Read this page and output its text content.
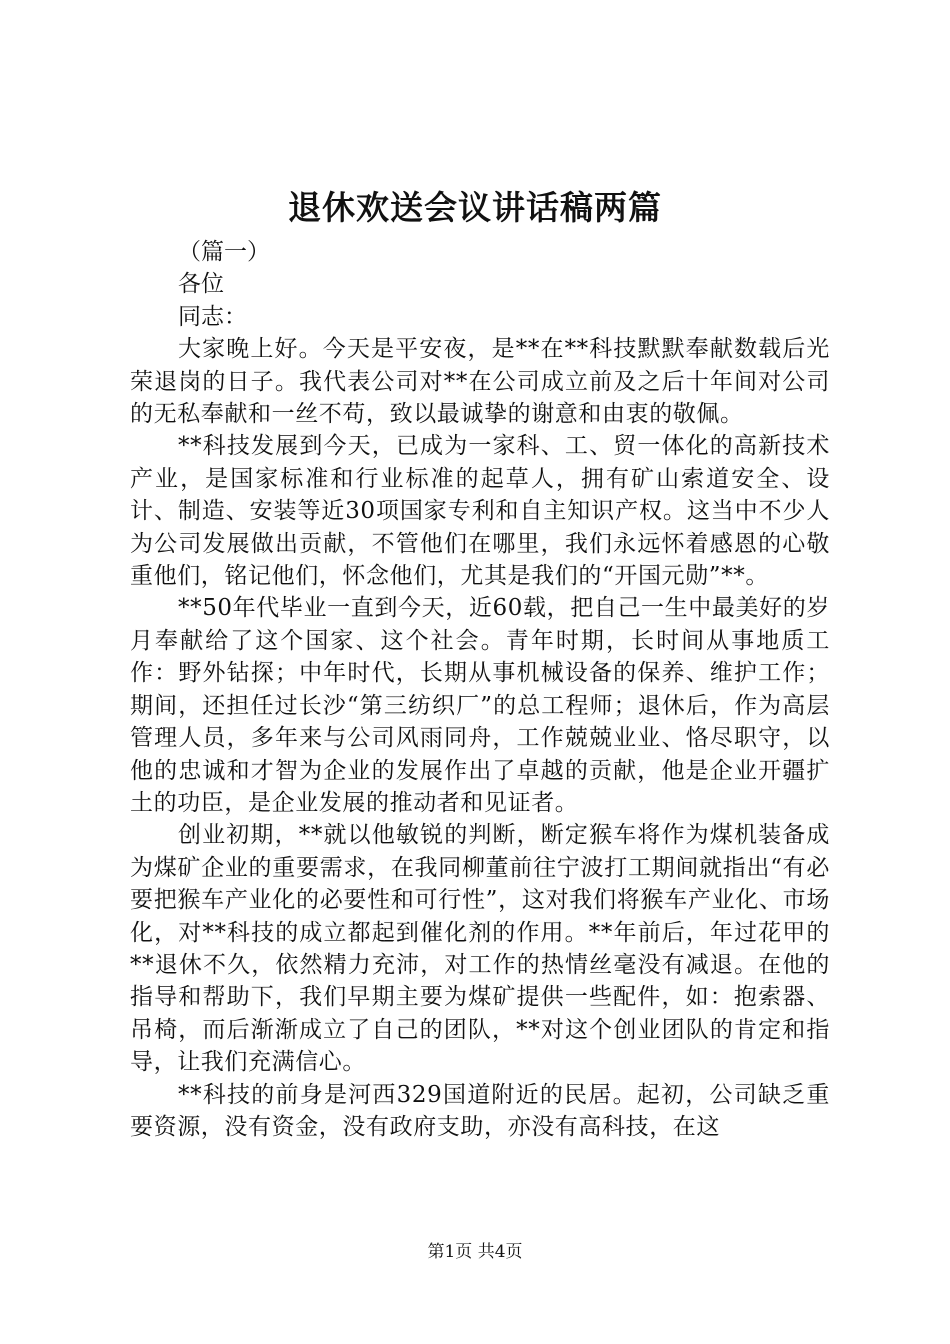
退休欢送会议讲话稿两篇
（篇一）
各位
同志：

大家晚上好。今天是平安夜，是**在**科技默默奉献数载后光荣退岗的日子。我代表公司对**在公司成立前及之后十年间对公司的无私奉献和一丝不苟，致以最诚挚的谢意和由衷的敬佩。

**科技发展到今天，已成为一家科、工、贸一体化的高新技术产业，是国家标准和行业标准的起草人，拥有矿山索道安全、设计、制造、安装等近30项国家专利和自主知识产权。这当中不少人为公司发展做出贡献，不管他们在哪里，我们永远怀着感恩的心敬重他们，铭记他们，怀念他们，尤其是我们的“开国元勋”**。

**50年代毕业一直到今天，近60载，把自己一生中最美好的岁月奉献给了这个国家、这个社会。青年时期，长时间从事地质工作：野外钻探；中年时代，长期从事机械设备的保养、维护工作；期间，还担任过长沙“第三纺织厂”的总工程师；退休后，作为高层管理人员，多年来与公司风雨同舟，工作兢兢业业、恪尽职守，以他的忠诚和才智为企业的发展作出了卓越的贡献，他是企业开疆扩土的功臣，是企业发展的推动者和见证者。

创业初期，**就以他敏锐的判断，断定猴车将作为煤机装备成为煤矿企业的重要需求，在我同柳董前往宁波打工期间就指出“有必要把猴车产业化的必要性和可行性”，这对我们将猴车产业化、市场化，对**科技的成立都起到催化剂的作用。**年前后，年过花甲的**退休不久，依然精力充沛，对工作的热情丝毫没有减退。在他的指导和帮助下，我们早期主要为煤矿提供一些配件，如：抱索器、吊椅，而后渐渐成立了自己的团队，**对这个创业团队的肯定和指导，让我们充满信心。

**科技的前身是河西329国道附近的民居。起初，公司缺乏重要资源，没有资金，没有政府支助，亦没有高科技，在这

第1页 共4页
